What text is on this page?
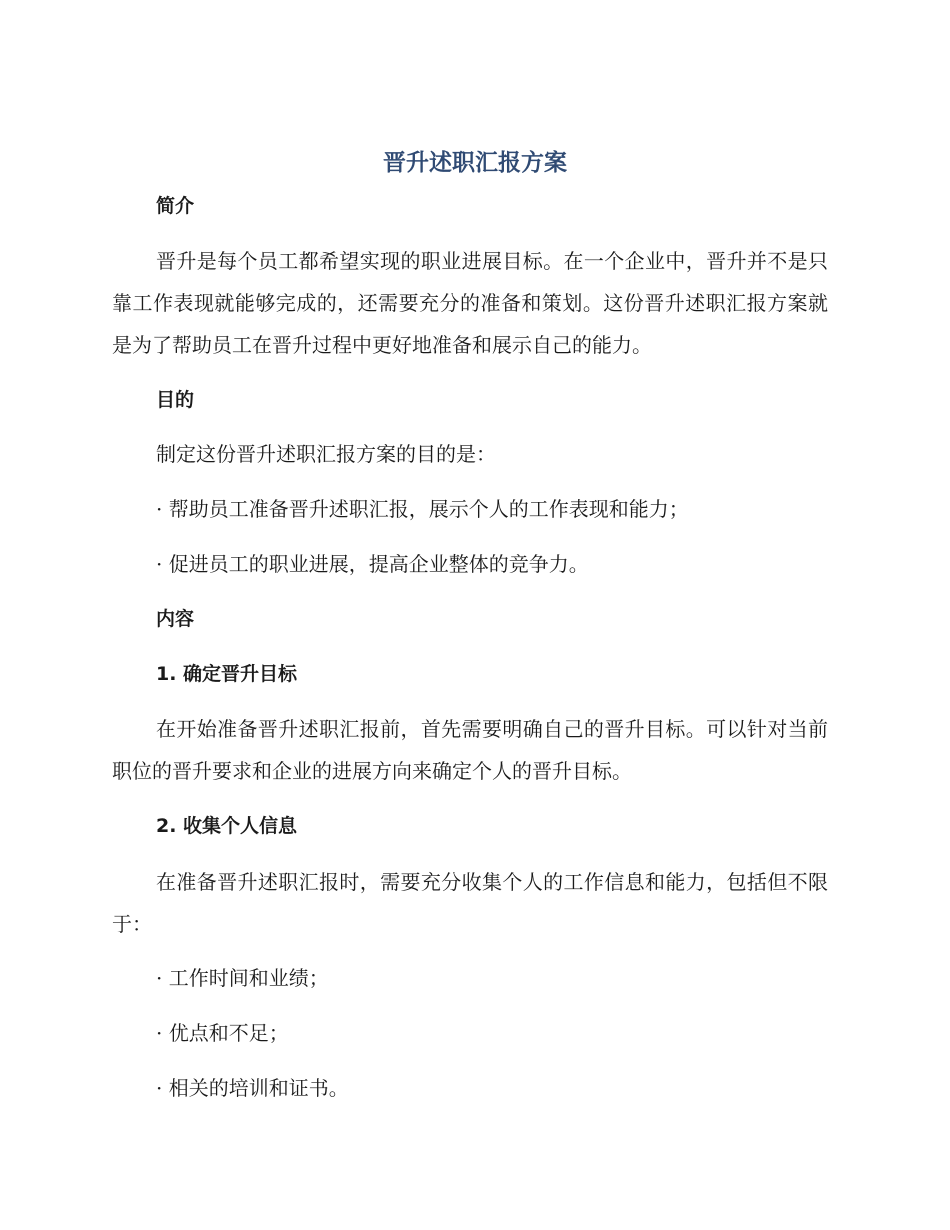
晋升述职汇报方案
简介

晋升是每个员工都希望实现的职业进展目标。在一个企业中，晋升并不是只靠工作表现就能够完成的，还需要充分的准备和策划。这份晋升述职汇报方案就是为了帮助员工在晋升过程中更好地准备和展示自己的能力。

目的

制定这份晋升述职汇报方案的目的是：

· 帮助员工准备晋升述职汇报，展示个人的工作表现和能力；

· 促进员工的职业进展，提高企业整体的竞争力。

内容
1. 确定晋升目标

在开始准备晋升述职汇报前，首先需要明确自己的晋升目标。可以针对当前职位的晋升要求和企业的进展方向来确定个人的晋升目标。

2. 收集个人信息

在准备晋升述职汇报时，需要充分收集个人的工作信息和能力，包括但不限于：

· 工作时间和业绩；

· 优点和不足；

· 相关的培训和证书。
